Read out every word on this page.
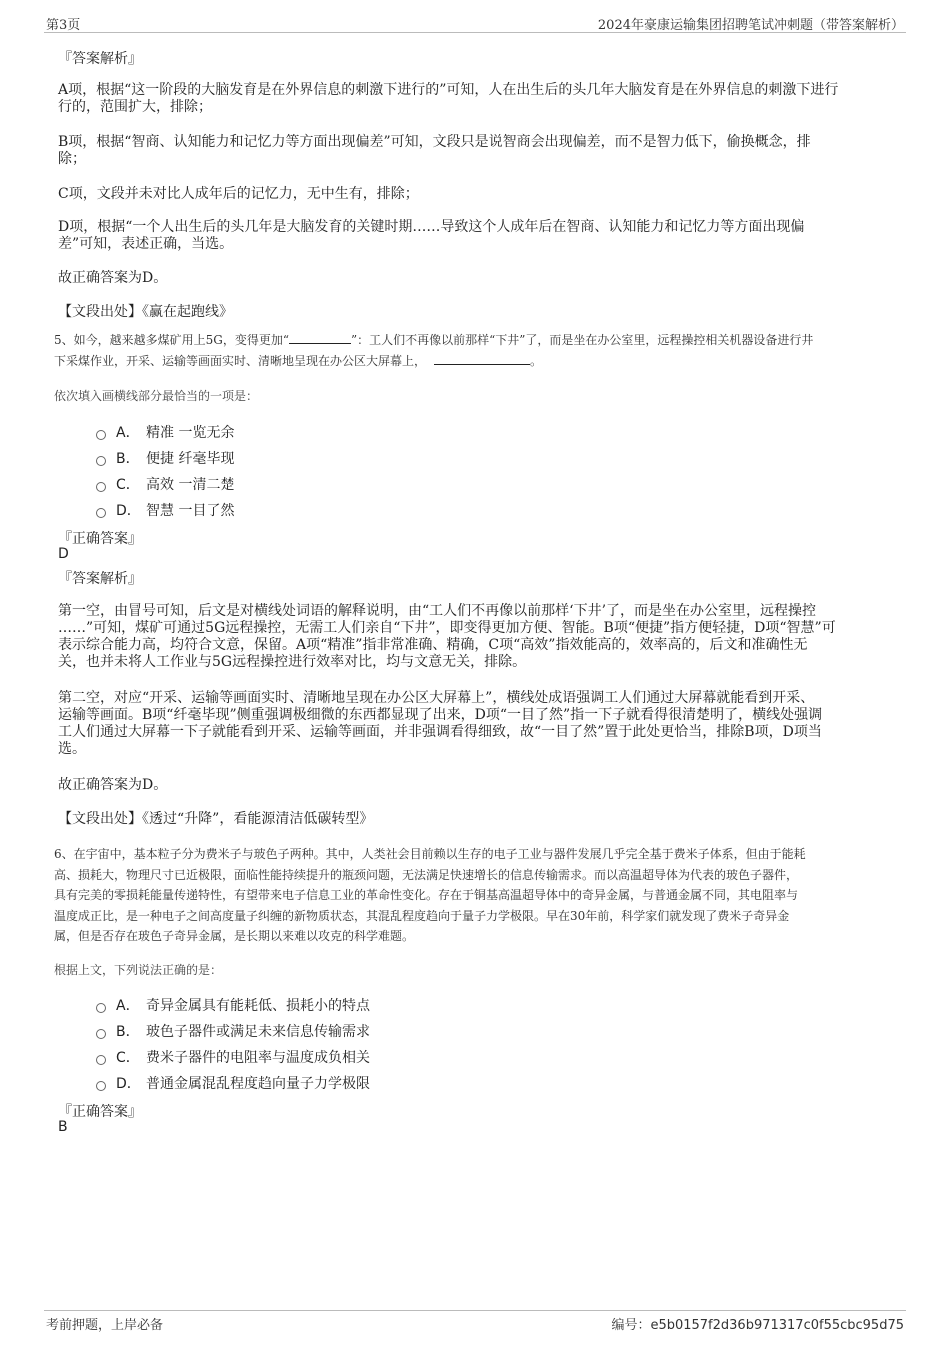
第3页	2024年豪康运输集团招聘笔试冲刺题（带答案解析）
『答案解析』
A项，根据“这一阶段的大脑发育是在外界信息的刺激下进行的”可知，人在出生后的头几年大脑发育是在外界信息的刺激下进行
行的，范围扩大，排除；
B项，根据“智商、认知能力和记忆力等方面出现偏差”可知，文段只是说智商会出现偏差，而不是智力低下，偷换概念，排
除；
C项，文段并未对比人成年后的记忆力，无中生有，排除；
D项，根据“一个人出生后的头几年是大脑发育的关键时期……导致这个人成年后在智商、认知能力和记忆力等方面出现偏
差”可知，表述正确，当选。
故正确答案为D。
【文段出处】《赢在起跑线》
5、如今，越来越多煤矿用上5G，变得更加“	”：工人们不再像以前那样“下井”了，而是坐在办公室里，远程操控相关机器设备进行井
下采煤作业，开采、运输等画面实时、清晰地呈现在办公区大屏幕上，	。
依次填入画横线部分最恰当的一项是：
A． 精准 一览无余
B． 便捷 纤毫毕现
C． 高效 一清二楚
D． 智慧 一目了然
『正确答案』
D
『答案解析』
第一空，由冒号可知，后文是对横线处词语的解释说明，由“工人们不再像以前那样‘下井’了，而是坐在办公室里，远程操控
……”可知，煤矿可通过5G远程操控，无需工人们亲自“下井”，即变得更加方便、智能。B项“便捷”指方便轻捷，D项“智慧”可
表示综合能力高，均符合文意，保留。A项“精准”指非常准确、精确，C项“高效”指效能高的，效率高的，后文和准确性无
关，也并未将人工作业与5G远程操控进行效率对比，均与文意无关，排除。
第二空，对应“开采、运输等画面实时、清晰地呈现在办公区大屏幕上”，横线处成语强调工人们通过大屏幕就能看到开采、
运输等画面。B项“纤毫毕现”侧重强调极细微的东西都显现了出来，D项“一目了然”指一下子就看得很清楚明了，横线处强调
工人们通过大屏幕一下子就能看到开采、运输等画面，并非强调看得细致，故“一目了然”置于此处更恰当，排除B项，D项当
选。
故正确答案为D。
【文段出处】《透过“升降”，看能源清洁低碳转型》
6、在宇宙中，基本粒子分为费米子与玻色子两种。其中，人类社会目前赖以生存的电子工业与器件发展几乎完全基于费米子体系，但由于能耗
高、损耗大，物理尺寸已近极限，面临性能持续提升的瓶颈问题，无法满足快速增长的信息传输需求。而以高温超导体为代表的玻色子器件，
具有完美的零损耗能量传递特性，有望带来电子信息工业的革命性变化。存在于铜基高温超导体中的奇异金属，与普通金属不同，其电阻率与
温度成正比，是一种电子之间高度量子纠缠的新物质状态，其混乱程度趋向于量子力学极限。早在30年前，科学家们就发现了费米子奇异金
属，但是否存在玻色子奇异金属，是长期以来难以攻克的科学难题。
根据上文，下列说法正确的是：
A． 奇异金属具有能耗低、损耗小的特点
B． 玻色子器件或满足未来信息传输需求
C． 费米子器件的电阻率与温度成负相关
D． 普通金属混乱程度趋向量子力学极限
『正确答案』
B
考前押题，上岸必备	编号：e5b0157f2d36b971317c0f55cbc95d75
